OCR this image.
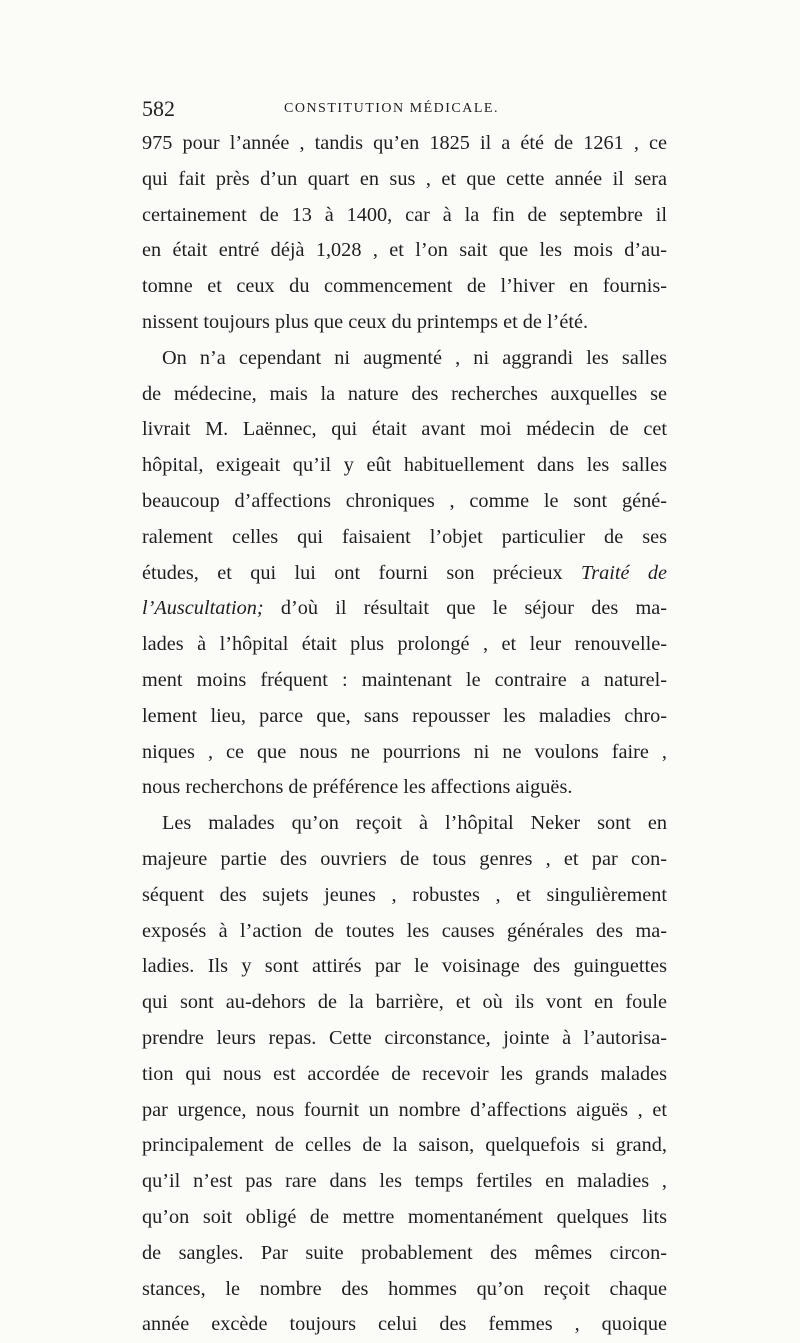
582	CONSTITUTION MÉDICALE.
975 pour l’année , tandis qu’en 1825 il a été de 1261 , ce
qui fait près d’un quart en sus , et que cette année il sera
certainement de 13 à 1400, car à la fin de septembre il
en était entré déjà 1,028 , et l’on sait que les mois d’au-
tomne et ceux du commencement de l’hiver en fournis-
nissent toujours plus que ceux du printemps et de l’été.
On n’a cependant ni augmenté , ni aggrandi les salles
de médecine, mais la nature des recherches auxquelles se
livrait M. Laënnec, qui était avant moi médecin de cet
hôpital, exigeait qu’il y eût habituellement dans les salles
beaucoup d’affections chroniques , comme le sont géné-
ralement celles qui faisaient l’objet particulier de ses
études, et qui lui ont fourni son précieux Traité de
l’Auscultation; d’où il résultait que le séjour des ma-
lades à l’hôpital était plus prolongé , et leur renouvelle-
ment moins fréquent : maintenant le contraire a naturel-
lement lieu, parce que, sans repousser les maladies chro-
niques , ce que nous ne pourrions ni ne voulons faire ,
nous recherchons de préférence les affections aiguës.
Les malades qu’on reçoit à l’hôpital Neker sont en
majeure partie des ouvriers de tous genres , et par con-
séquent des sujets jeunes , robustes , et singulièrement
exposés à l’action de toutes les causes générales des ma-
ladies. Ils y sont attirés par le voisinage des guinguettes
qui sont au-dehors de la barrière, et où ils vont en foule
prendre leurs repas. Cette circonstance, jointe à l’autorisa-
tion qui nous est accordée de recevoir les grands malades
par urgence, nous fournit un nombre d’affections aiguës , et
principalement de celles de la saison, quelquefois si grand,
qu’il n’est pas rare dans les temps fertiles en maladies ,
qu’on soit obligé de mettre momentanément quelques lits
de sangles. Par suite probablement des mêmes circon-
stances, le nombre des hommes qu’on reçoit chaque
année excède toujours celui des femmes , quoique
